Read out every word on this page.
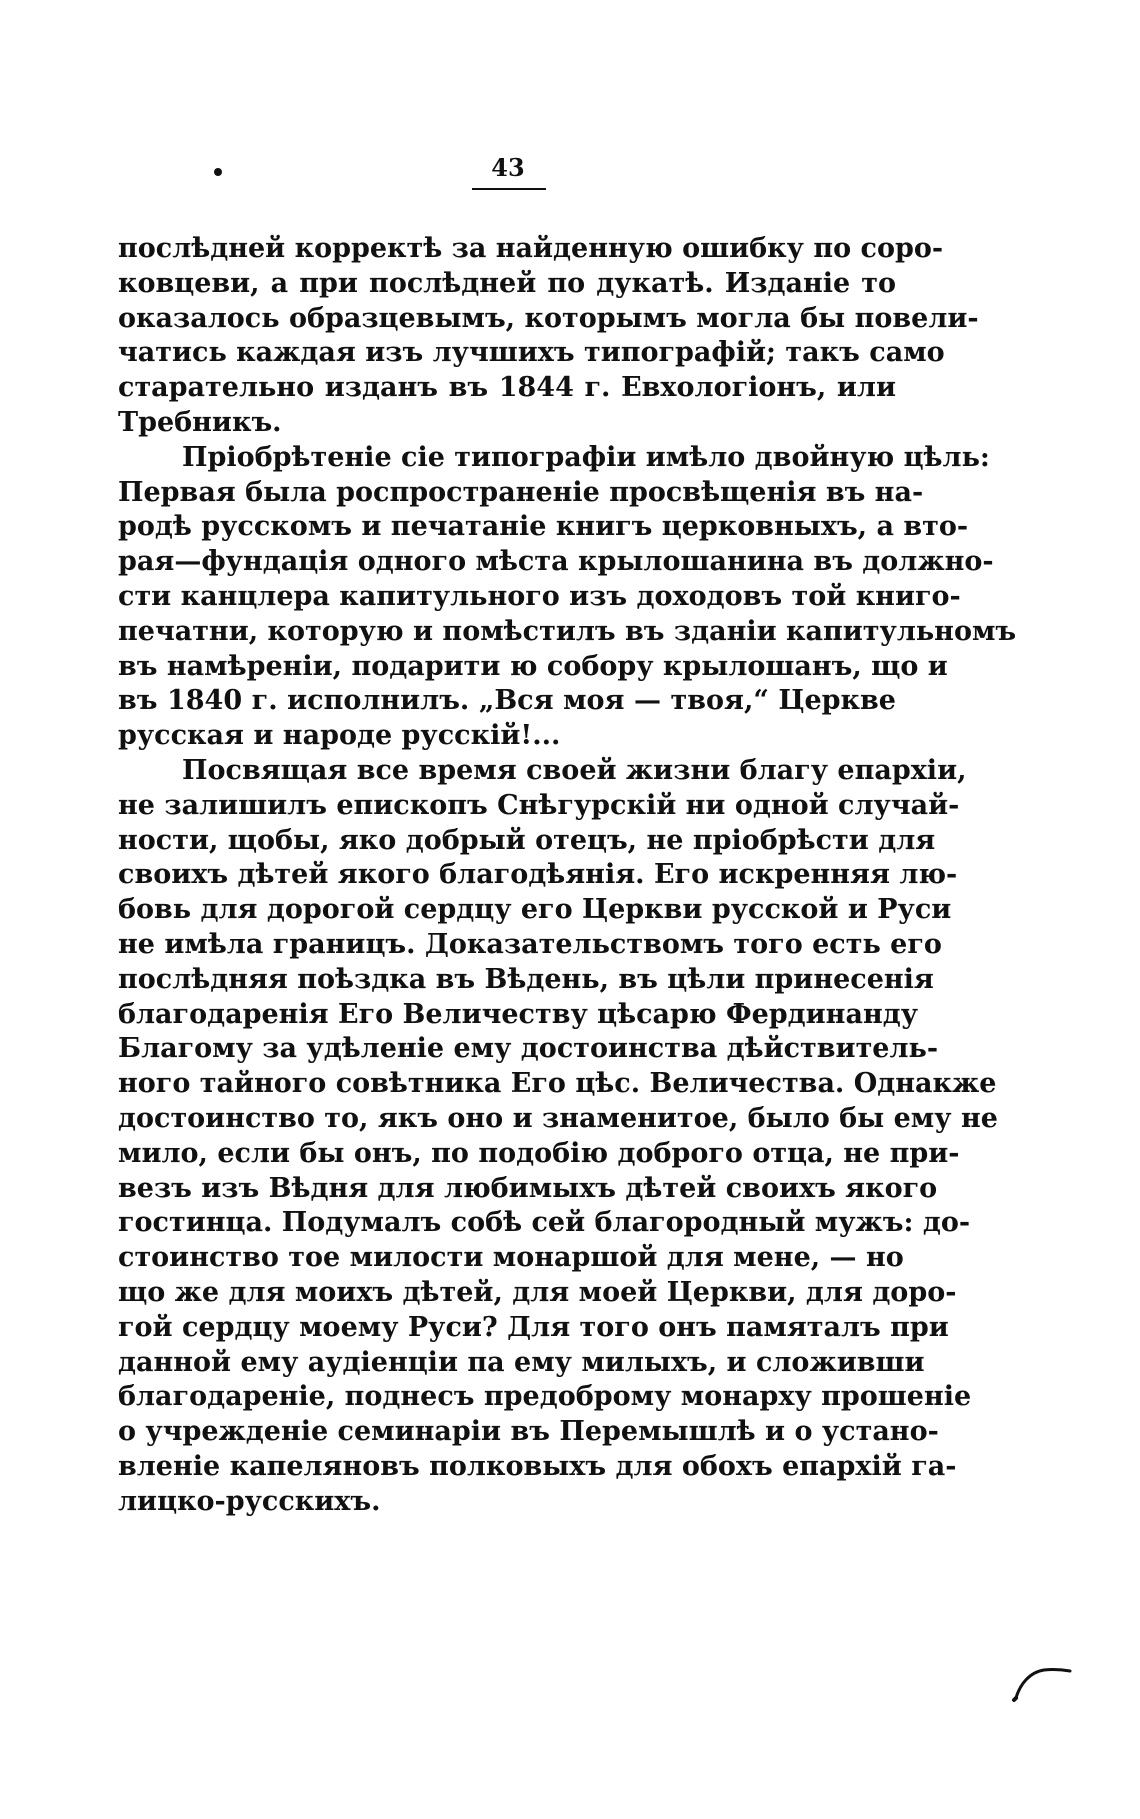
43
послѣдней корректѣ за найденную ошибку по соро-
ковцеви, а при послѣдней по дукатѣ. Изданіе то
оказалось образцевымъ, которымъ могла бы повели-
чатись каждая изъ лучшихъ типографій; такъ само
старательно изданъ въ 1844 г. Евхологіонъ, или
Требникъ.
Пріобрѣтеніе сіе типографіи имѣло двойную цѣль:
Первая была роспространеніе просвѣщенія въ на-
родѣ русскомъ и печатаніе книгъ церковныхъ, а вто-
рая—фундація одного мѣста крылошанина въ должно-
сти канцлера капитульного изъ доходовъ той книго-
печатни, которую и помѣстилъ въ зданіи капитульномъ
въ намѣреніи, подарити ю собору крылошанъ, що и
въ 1840 г. исполнилъ. „Вся моя — твоя,“ Церкве
русская и народе русскій!...
Посвящая все время своей жизни благу епархіи,
не залишилъ епископъ Снѣгурскій ни одной случай-
ности, щобы, яко добрый отецъ, не пріобрѣсти для
своихъ дѣтей якого благодѣянія. Его искренняя лю-
бовь для дорогой сердцу его Церкви русской и Руси
не имѣла границъ. Доказательствомъ того есть его
послѣдняя поѣздка въ Вѣдень, въ цѣли принесенія
благодаренія Его Величеству цѣсарю Фердинанду
Благому за удѣленіе ему достоинства дѣйствитель-
ного тайного совѣтника Его цѣс. Величества. Однакже
достоинство то, якъ оно и знаменитое, было бы ему не
мило, если бы онъ, по подобію доброго отца, не при-
везъ изъ Вѣдня для любимыхъ дѣтей своихъ якого
гостинца. Подумалъ собѣ сей благородный мужъ: до-
стоинство тое милости монаршой для мене, — но
що же для моихъ дѣтей, для моей Церкви, для доро-
гой сердцу моему Руси? Для того онъ памяталъ при
данной ему аудіенціи па ему милыхъ, и сложивши
благодареніе, поднесъ предоброму монарху прошеніе
о учрежденіе семинаріи въ Перемышлѣ и о устано-
вленіе капеляновъ полковыхъ для обохъ епархій га-
лицко-русскихъ.
